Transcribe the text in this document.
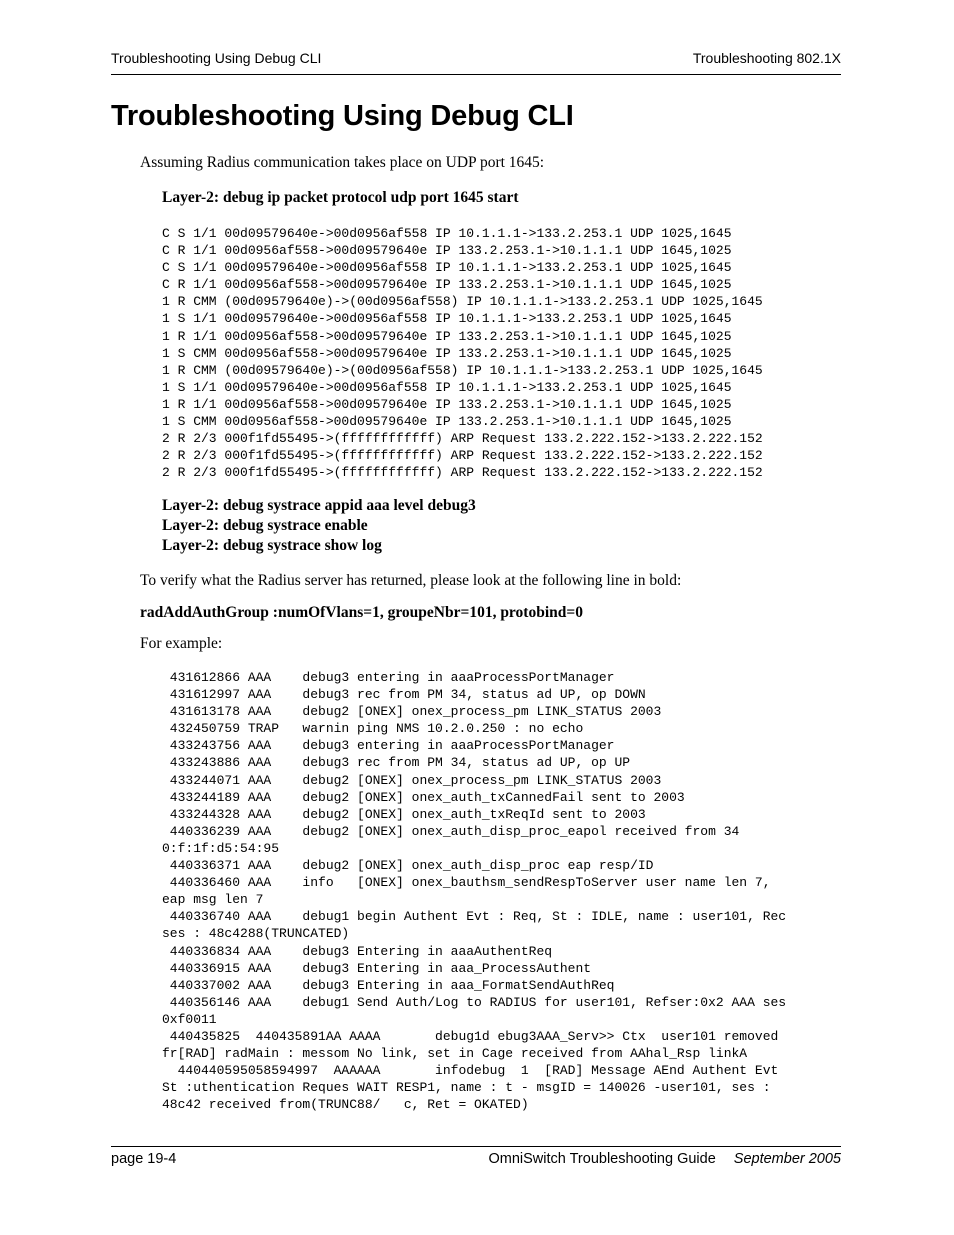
Troubleshooting Using Debug CLI	Troubleshooting 802.1X
Troubleshooting Using Debug CLI
Assuming Radius communication takes place on UDP port 1645:
Layer-2: debug ip packet protocol udp port 1645 start
C S 1/1 00d09579640e->00d0956af558 IP 10.1.1.1->133.2.253.1 UDP 1025,1645
C R 1/1 00d0956af558->00d09579640e IP 133.2.253.1->10.1.1.1 UDP 1645,1025
C S 1/1 00d09579640e->00d0956af558 IP 10.1.1.1->133.2.253.1 UDP 1025,1645
C R 1/1 00d0956af558->00d09579640e IP 133.2.253.1->10.1.1.1 UDP 1645,1025
1 R CMM (00d09579640e)->(00d0956af558) IP 10.1.1.1->133.2.253.1 UDP 1025,1645
1 S 1/1 00d09579640e->00d0956af558 IP 10.1.1.1->133.2.253.1 UDP 1025,1645
1 R 1/1 00d0956af558->00d09579640e IP 133.2.253.1->10.1.1.1 UDP 1645,1025
1 S CMM 00d0956af558->00d09579640e IP 133.2.253.1->10.1.1.1 UDP 1645,1025
1 R CMM (00d09579640e)->(00d0956af558) IP 10.1.1.1->133.2.253.1 UDP 1025,1645
1 S 1/1 00d09579640e->00d0956af558 IP 10.1.1.1->133.2.253.1 UDP 1025,1645
1 R 1/1 00d0956af558->00d09579640e IP 133.2.253.1->10.1.1.1 UDP 1645,1025
1 S CMM 00d0956af558->00d09579640e IP 133.2.253.1->10.1.1.1 UDP 1645,1025
2 R 2/3 000f1fd55495->(ffffffffffff) ARP Request 133.2.222.152->133.2.222.152
2 R 2/3 000f1fd55495->(ffffffffffff) ARP Request 133.2.222.152->133.2.222.152
2 R 2/3 000f1fd55495->(ffffffffffff) ARP Request 133.2.222.152->133.2.222.152
Layer-2: debug systrace appid aaa level debug3
Layer-2: debug systrace enable
Layer-2: debug systrace show log
To verify what the Radius server has returned, please look at the following line in bold:
radAddAuthGroup :numOfVlans=1, groupeNbr=101, protobind=0
For example:
431612866 AAA    debug3 entering in aaaProcessPortManager
431612997 AAA    debug3 rec from PM 34, status ad UP, op DOWN
431613178 AAA    debug2 [ONEX] onex_process_pm LINK_STATUS 2003
432450759 TRAP   warnin ping NMS 10.2.0.250 : no echo
433243756 AAA    debug3 entering in aaaProcessPortManager
433243886 AAA    debug3 rec from PM 34, status ad UP, op UP
433244071 AAA    debug2 [ONEX] onex_process_pm LINK_STATUS 2003
433244189 AAA    debug2 [ONEX] onex_auth_txCannedFail sent to 2003
433244328 AAA    debug2 [ONEX] onex_auth_txReqId sent to 2003
440336239 AAA    debug2 [ONEX] onex_auth_disp_proc_eapol received from 34
0:f:1f:d5:54:95
440336371 AAA    debug2 [ONEX] onex_auth_disp_proc eap resp/ID
440336460 AAA    info   [ONEX] onex_bauthsm_sendRespToServer user name len 7,
eap msg len 7
440336740 AAA    debug1 begin Authent Evt : Req, St : IDLE, name : user101, Rec
ses : 48c4288(TRUNCATED)
440336834 AAA    debug3 Entering in aaaAuthentReq
440336915 AAA    debug3 Entering in aaa_ProcessAuthent
440337002 AAA    debug3 Entering in aaa_FormatSendAuthReq
440356146 AAA    debug1 Send Auth/Log to RADIUS for user101, Refser:0x2 AAA ses
0xf0011
440435825  440435891AA AAAA       debug1d ebug3AAA_Serv>> Ctx  user101 removed
fr[RAD] radMain : messom No link, set in Cage received from AAhal_Rsp linkA
440440595058594997  AAAAAA       infodebug  1  [RAD] Message AEnd Authent Evt
St :uthentication Reques WAIT RESP1, name : t - msgID = 140026 -user101, ses :
48c42 received from(TRUNC88/   c, Ret = OKATED)
page 19-4	OmniSwitch Troubleshooting Guide September 2005
